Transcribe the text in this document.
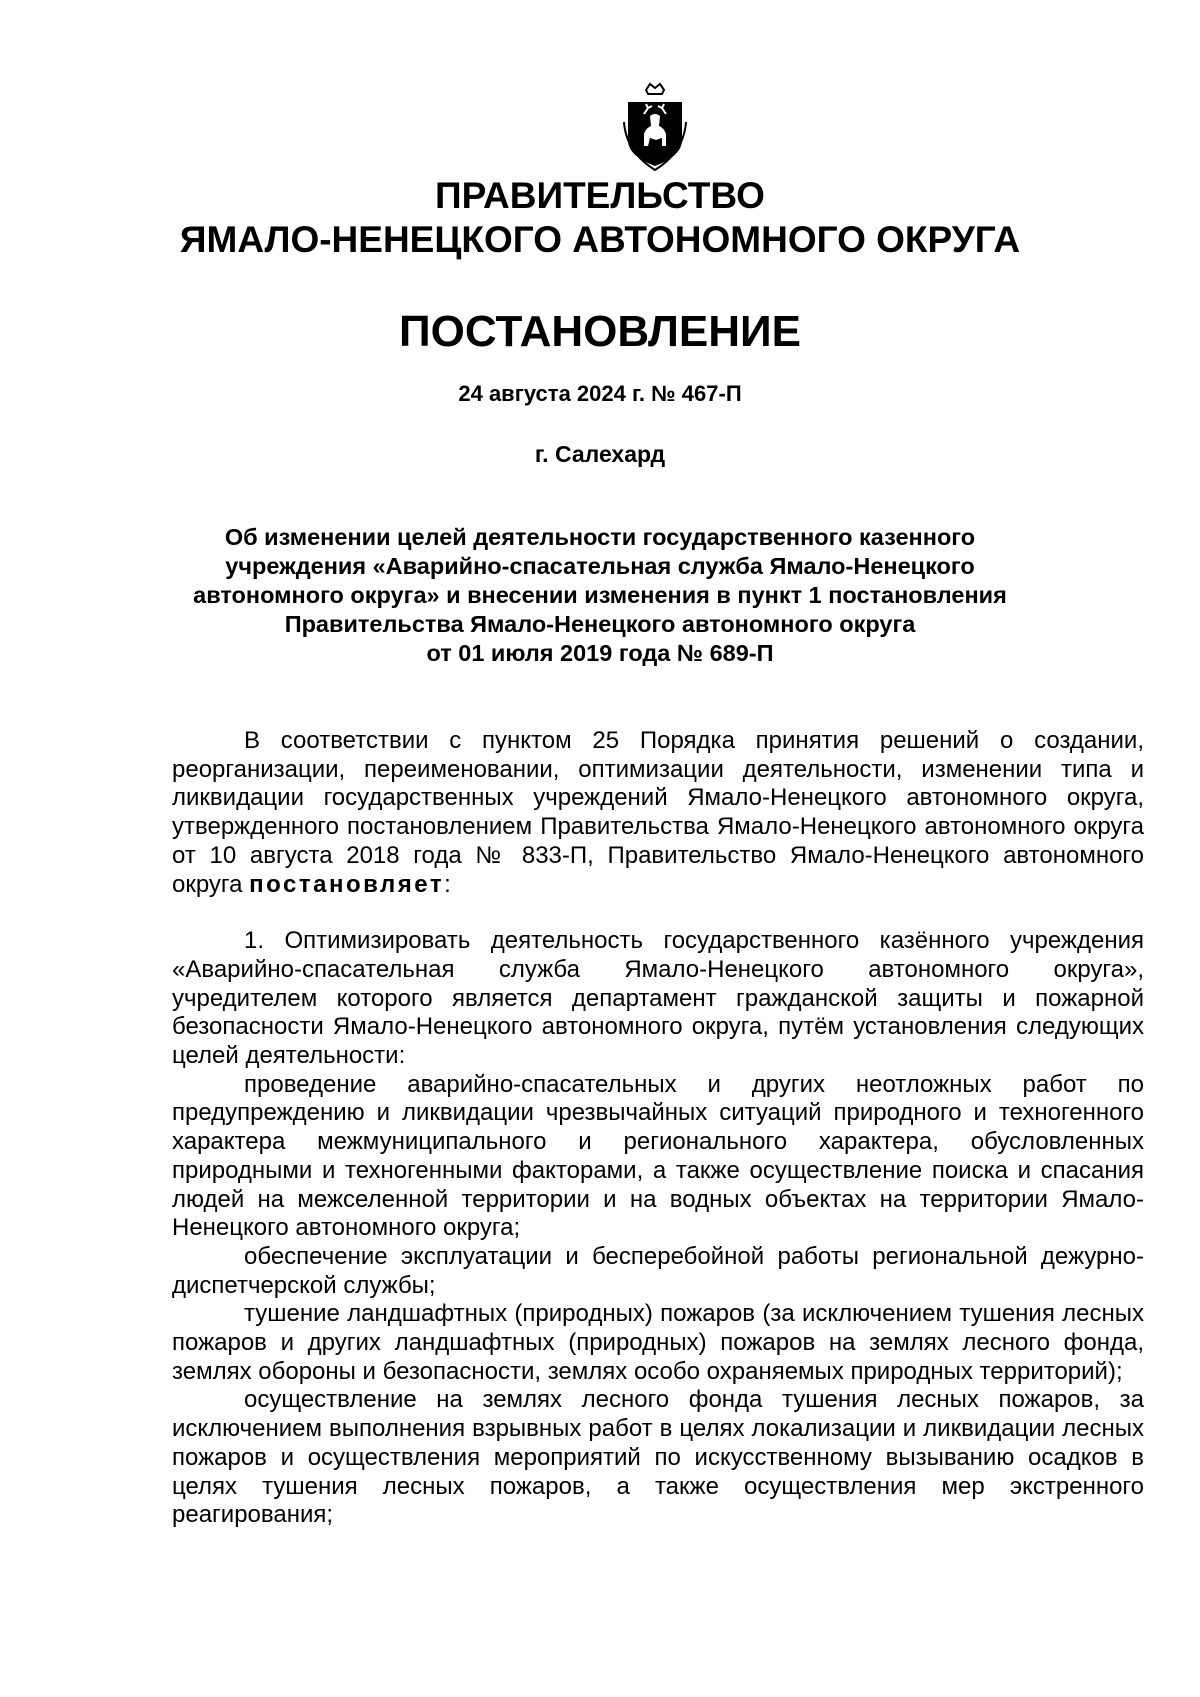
ПРАВИТЕЛЬСТВО
ЯМАЛО-НЕНЕЦКОГО АВТОНОМНОГО ОКРУГА
ПОСТАНОВЛЕНИЕ
24 августа 2024 г. № 467-П
г. Салехард
Об изменении целей деятельности государственного казенного
учреждения «Аварийно-спасательная служба Ямало-Ненецкого
автономного округа» и внесении изменения в пункт 1 постановления
Правительства Ямало-Ненецкого автономного округа
от 01 июля 2019 года № 689-П

В соответствии с пунктом 25 Порядка принятия решений о создании, реорганизации, переименовании, оптимизации деятельности, изменении типа и ликвидации государственных учреждений Ямало-Ненецкого автономного округа, утвержденного постановлением Правительства Ямало-Ненецкого автономного округа от 10 августа 2018 года № 833-П, Правительство Ямало-Ненецкого автономного округа постановляет:

1. Оптимизировать деятельность государственного казённого учреждения «Аварийно-спасательная служба Ямало-Ненецкого автономного округа», учредителем которого является департамент гражданской защиты и пожарной безопасности Ямало-Ненецкого автономного округа, путём установления следующих целей деятельности:

проведение аварийно-спасательных и других неотложных работ по предупреждению и ликвидации чрезвычайных ситуаций природного и техногенного характера межмуниципального и регионального характера, обусловленных природными и техногенными факторами, а также осуществление поиска и спасания людей на межселенной территории и на водных объектах на территории Ямало-Ненецкого автономного округа;

обеспечение эксплуатации и бесперебойной работы региональной дежурно-диспетчерской службы;

тушение ландшафтных (природных) пожаров (за исключением тушения лесных пожаров и других ландшафтных (природных) пожаров на землях лесного фонда, землях обороны и безопасности, землях особо охраняемых природных территорий);

осуществление на землях лесного фонда тушения лесных пожаров, за исключением выполнения взрывных работ в целях локализации и ликвидации лесных пожаров и осуществления мероприятий по искусственному вызыванию осадков в целях тушения лесных пожаров, а также осуществления мер экстренного реагирования;
